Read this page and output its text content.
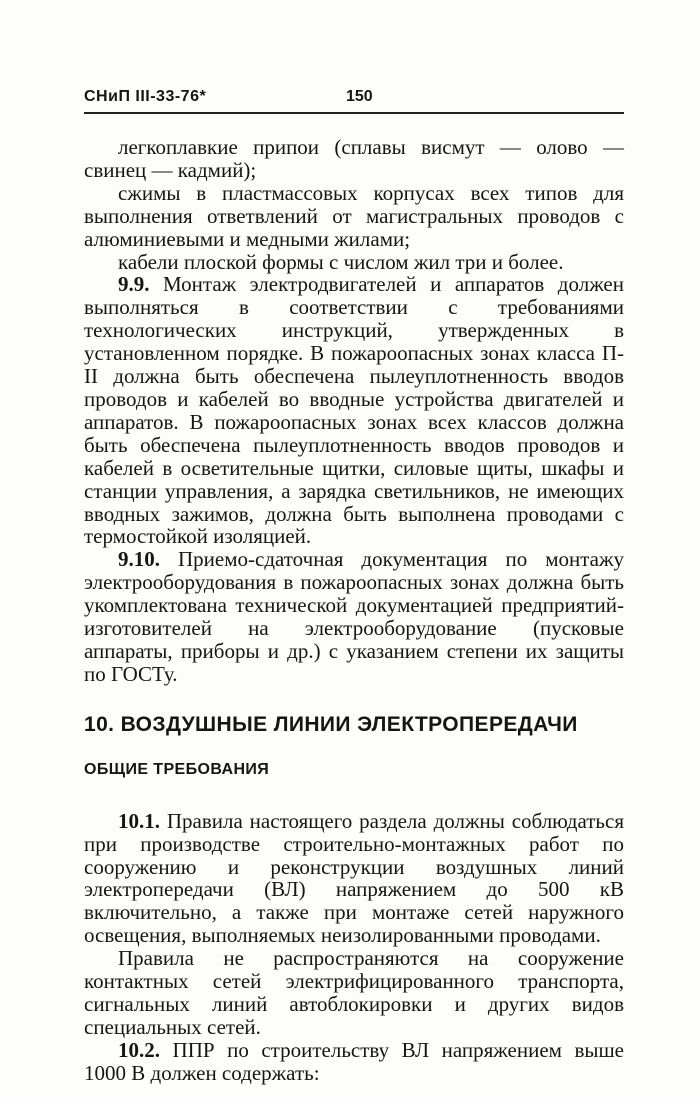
СНиП III-33-76*	150

легкоплавкие припои (сплавы висмут — олово — свинец — кадмий);

сжимы в пластмассовых корпусах всех типов для выполнения ответвлений от магистральных проводов с алюминиевыми и медными жилами;

кабели плоской формы с числом жил три и более.

9.9. Монтаж электродвигателей и аппаратов должен выполняться в соответствии с требованиями технологических инструкций, утвержденных в установленном порядке. В пожароопасных зонах класса П-II должна быть обеспечена пылеуплотненность вводов проводов и кабелей во вводные устройства двигателей и аппаратов. В пожароопасных зонах всех классов должна быть обеспечена пылеуплотненность вводов проводов и кабелей в осветительные щитки, силовые щиты, шкафы и станции управления, а зарядка светильников, не имеющих вводных зажимов, должна быть выполнена проводами с термостойкой изоляцией.

9.10. Приемо-сдаточная документация по монтажу электрооборудования в пожароопасных зонах должна быть укомплектована технической документацией предприятий-изготовителей на электрооборудование (пусковые аппараты, приборы и др.) с указанием степени их защиты по ГОСТу.

10. ВОЗДУШНЫЕ ЛИНИИ ЭЛЕКТРОПЕРЕДАЧИ
ОБЩИЕ ТРЕБОВАНИЯ

10.1. Правила настоящего раздела должны соблюдаться при производстве строительно-монтажных работ по сооружению и реконструкции воздушных линий электропередачи (ВЛ) напряжением до 500 кВ включительно, а также при монтаже сетей наружного освещения, выполняемых неизолированными проводами.

Правила не распространяются на сооружение контактных сетей электрифицированного транспорта, сигнальных линий автоблокировки и других видов специальных сетей.

10.2. ППР по строительству ВЛ напряжением выше 1000 В должен содержать:
